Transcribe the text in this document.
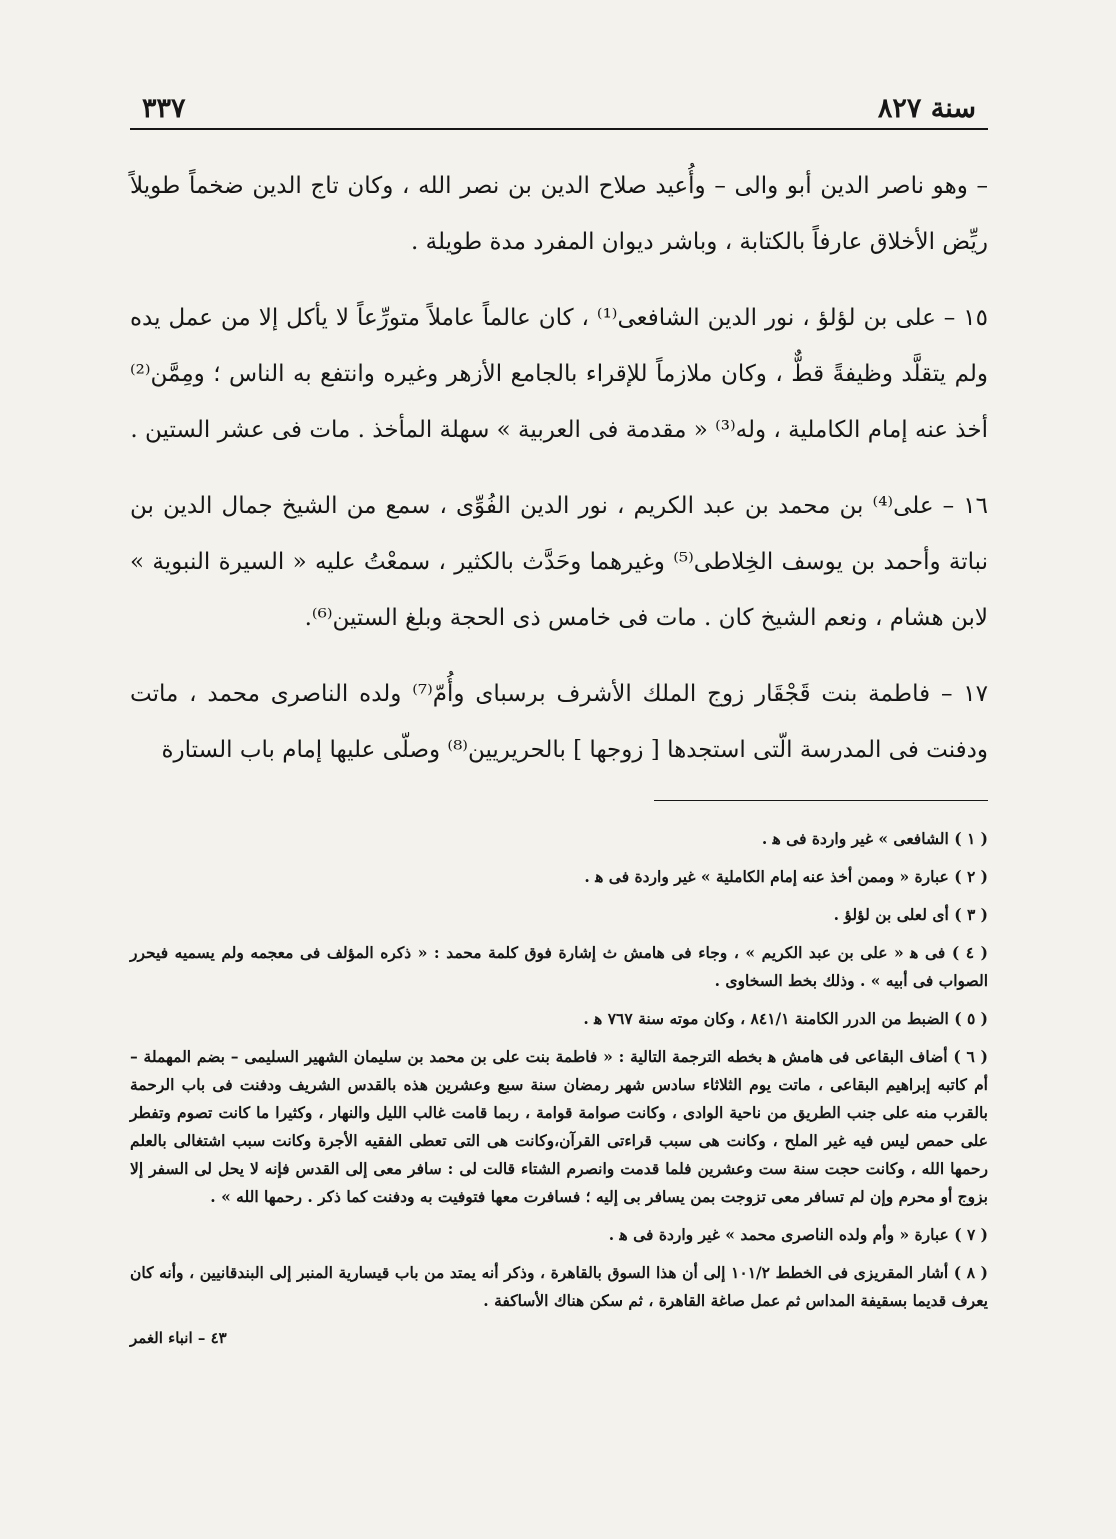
سنة ٨٢٧
٣٣٧

– وهو ناصر الدين أبو والى – وأُعيد صلاح الدين بن نصر الله ، وكان تاج الدين ضخماً طويلاً ريِّض الأخلاق عارفاً بالكتابة ، وباشر ديوان المفرد مدة طويلة .

١٥ – على بن لؤلؤ ، نور الدين الشافعى⁽¹⁾ ، كان عالماً عاملاً متورِّعاً لا يأكل إلا من عمل يده ولم يتقلَّد وظيفةً قطٌّ ، وكان ملازماً للإقراء بالجامع الأزهر وغيره وانتفع به الناس ؛ ومِمَّن⁽²⁾ أخذ عنه إمام الكاملية ، وله⁽³⁾ « مقدمة فى العربية » سهلة المأخذ . مات فى عشر الستين .

١٦ – على⁽⁴⁾ بن محمد بن عبد الكريم ، نور الدين الفُوِّى ، سمع من الشيخ جمال الدين بن نباتة وأحمد بن يوسف الخِلاطى⁽⁵⁾ وغيرهما وحَدَّث بالكثير ، سمعْتُ عليه « السيرة النبوية » لابن هشام ، ونعم الشيخ كان . مات فى خامس ذى الحجة وبلغ الستين⁽⁶⁾.

١٧ – فاطمة بنت قَجْقَار زوج الملك الأشرف برسباى وأُمّ⁽⁷⁾ ولده الناصرى محمد ، ماتت ودفنت فى المدرسة الّتى استجدها [ زوجها ] بالحريريين⁽⁸⁾ وصلّى عليها إمام باب الستارة

( ١ ) الشافعى » غير واردة فى ﻫ .

( ٢ ) عبارة « وممن أخذ عنه إمام الكاملية » غير واردة فى ﻫ .

( ٣ ) أى لعلى بن لؤلؤ .

( ٤ ) فى ﻫ « على بن عبد الكريم » ، وجاء فى هامش ث إشارة فوق كلمة محمد : « ذكره المؤلف فى معجمه ولم يسميه فيحرر الصواب فى أبيه » . وذلك بخط السخاوى .

( ٥ ) الضبط من الدرر الكامنة ٨٤١/١ ، وكان موته سنة ٧٦٧ ﻫ .

( ٦ ) أضاف البقاعى فى هامش ﻫ بخطه الترجمة التالية : « فاطمة بنت على بن محمد بن سليمان الشهير السليمى – بضم المهملة – أم كاتبه إبراهيم البقاعى ، ماتت يوم الثلاثاء سادس شهر رمضان سنة سبع وعشرين هذه بالقدس الشريف ودفنت فى باب الرحمة بالقرب منه على جنب الطريق من ناحية الوادى ، وكانت صوامة قوامة ، ربما قامت غالب الليل والنهار ، وكثيرا ما كانت تصوم وتفطر على حمص ليس فيه غير الملح ، وكانت هى سبب قراءتى القرآن،وكانت هى التى تعطى الفقيه الأجرة وكانت سبب اشتغالى بالعلم رحمها الله ، وكانت حجت سنة ست وعشرين فلما قدمت وانصرم الشتاء قالت لى : سافر معى إلى القدس فإنه لا يحل لى السفر إلا بزوج أو محرم وإن لم تسافر معى تزوجت بمن يسافر بى إليه ؛ فسافرت معها فتوفيت به ودفنت كما ذكر . رحمها الله » .

( ٧ ) عبارة « وأم ولده الناصرى محمد » غير واردة فى ﻫ .

( ٨ ) أشار المقريزى فى الخطط ١٠١/٢ إلى أن هذا السوق بالقاهرة ، وذكر أنه يمتد من باب قيسارية المنبر إلى البندقانيين ، وأنه كان يعرف قديما بسقيفة المداس ثم عمل صاغة القاهرة ، ثم سكن هناك الأساكفة .

٤٣ – انباء الغمر
